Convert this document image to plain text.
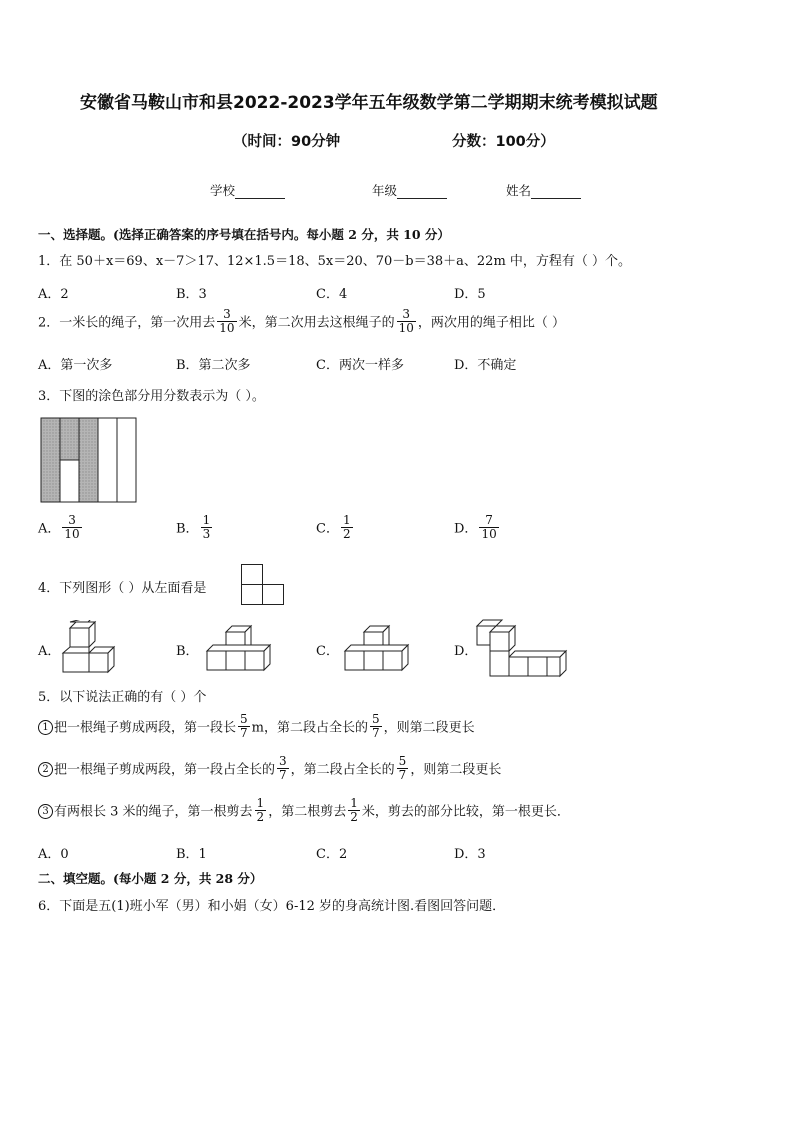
安徽省马鞍山市和县2022-2023学年五年级数学第二学期期末统考模拟试题
（时间：90分钟	分数：100分）
学校	年级	姓名
一、选择题。(选择正确答案的序号填在括号内。每小题 2 分，共 10 分）
1．在 50＋x＝69、x－7＞17、12×1.5＝18、5x＝20、70－b＝38＋a、22m 中，方程有（ ）个。
A．2	B．3	C．4	D．5
2．一米长的绳子，第一次用去 $\frac{3}{10}$ 米，第二次用去这根绳子的 $\frac{3}{10}$ ，两次用的绳子相比（ ）
A．第一次多	B．第二次多	C．两次一样多	D．不确定
3．下图的涂色部分用分数表示为（ ）。
A． $\frac{3}{10}$	B． $\frac{1}{3}$	C． $\frac{1}{2}$	D． $\frac{7}{10}$
4．下列图形（ ）从左面看是
A．	B．	C．	D．
5．以下说法正确的有（ ）个
1 把一根绳子剪成两段，第一段长 $\frac{5}{7}$ m，第二段占全长的 $\frac{5}{7}$ ，则第二段更长
2 把一根绳子剪成两段，第一段占全长的 $\frac{3}{7}$ ，第二段占全长的 $\frac{5}{7}$ ，则第二段更长
3 有两根长 3 米的绳子，第一根剪去 $\frac{1}{2}$ ，第二根剪去 $\frac{1}{2}$ 米，剪去的部分比较，第一根更长．
A．0	B．1	C．2	D．3
二、填空题。(每小题 2 分，共 28 分）
6．下面是五(1)班小军（男）和小娟（女）6-12 岁的身高统计图.看图回答问题．
